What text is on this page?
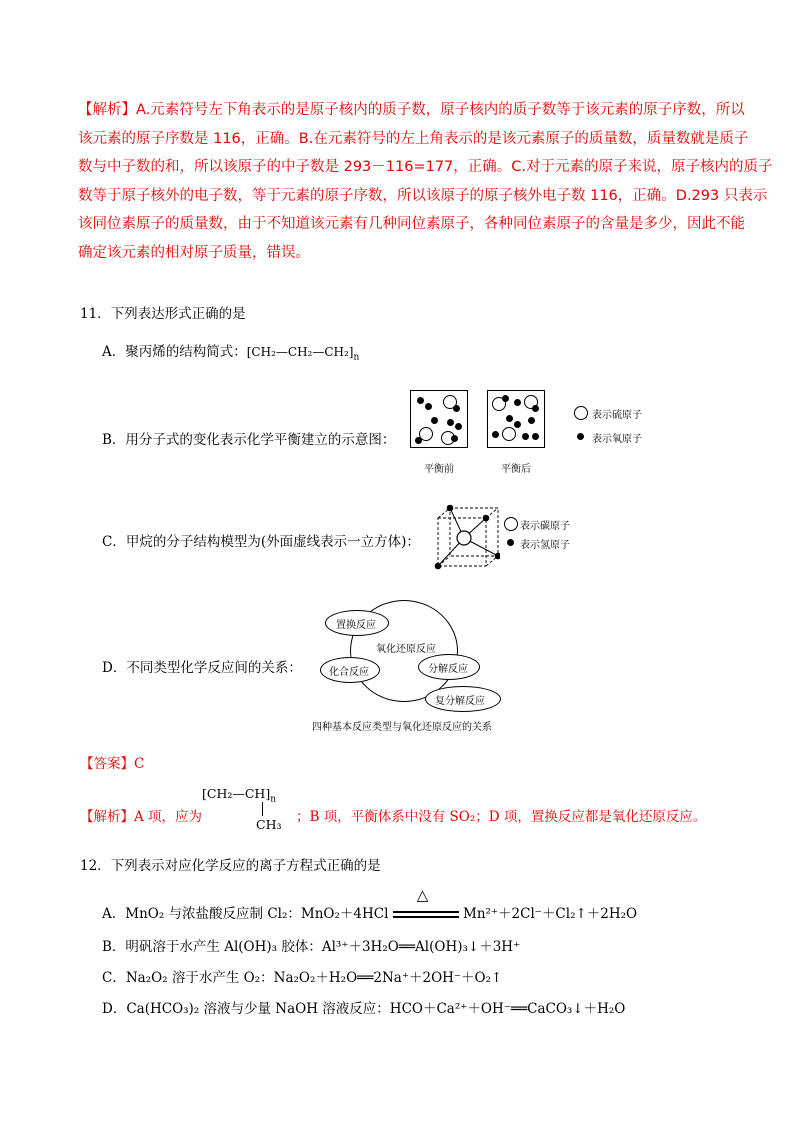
【解析】A.元素符号左下角表示的是原子核内的质子数，原子核内的质子数等于该元素的原子序数，所以

该元素的原子序数是 116，正确。B.在元素符号的左上角表示的是该元素原子的质量数，质量数就是质子

数与中子数的和，所以该原子的中子数是 293－116=177，正确。C.对于元素的原子来说，原子核内的质子

数等于原子核外的电子数，等于元素的原子序数，所以该原子的原子核外电子数 116，正确。D.293 只表示

该同位素原子的质量数，由于不知道该元素有几种同位素原子，各种同位素原子的含量是多少，因此不能

确定该元素的相对原子质量，错误。

11．下列表达形式正确的是
A．聚丙烯的结构简式：$[CH_2—CH_2—CH_2]_n$
B．用分子式的变化表示化学平衡建立的示意图：
平衡前	平衡后
表示硫原子
表示氧原子
C．甲烷的分子结构模型为(外面虚线表示一立方体)：
表示碳原子
表示氢原子
D．不同类型化学反应间的关系：
氧化还原反应
置换反应
化合反应	分解反应
复分解反应
四种基本反应类型与氧化还原反应的关系
【答案】C
【解析】A 项，应为
$[CH_2—CH]_n$
CH₃ ；B 项，平衡体系中没有 SO₂；D 项，置换反应都是氧化还原反应。
12．下列表示对应化学反应的离子方程式正确的是
A．MnO₂ 与浓盐酸反应制 Cl₂：MnO₂＋4HCl
△
Mn²⁺＋2Cl⁻＋Cl₂↑＋2H₂O
B．明矾溶于水产生 Al(OH)₃ 胶体：Al³⁺＋3H₂O══Al(OH)₃↓＋3H⁺
C．Na₂O₂ 溶于水产生 O₂：Na₂O₂＋H₂O══2Na⁺＋2OH⁻＋O₂↑
D．Ca(HCO₃)₂ 溶液与少量 NaOH 溶液反应：HCO＋Ca²⁺＋OH⁻══CaCO₃↓＋H₂O
